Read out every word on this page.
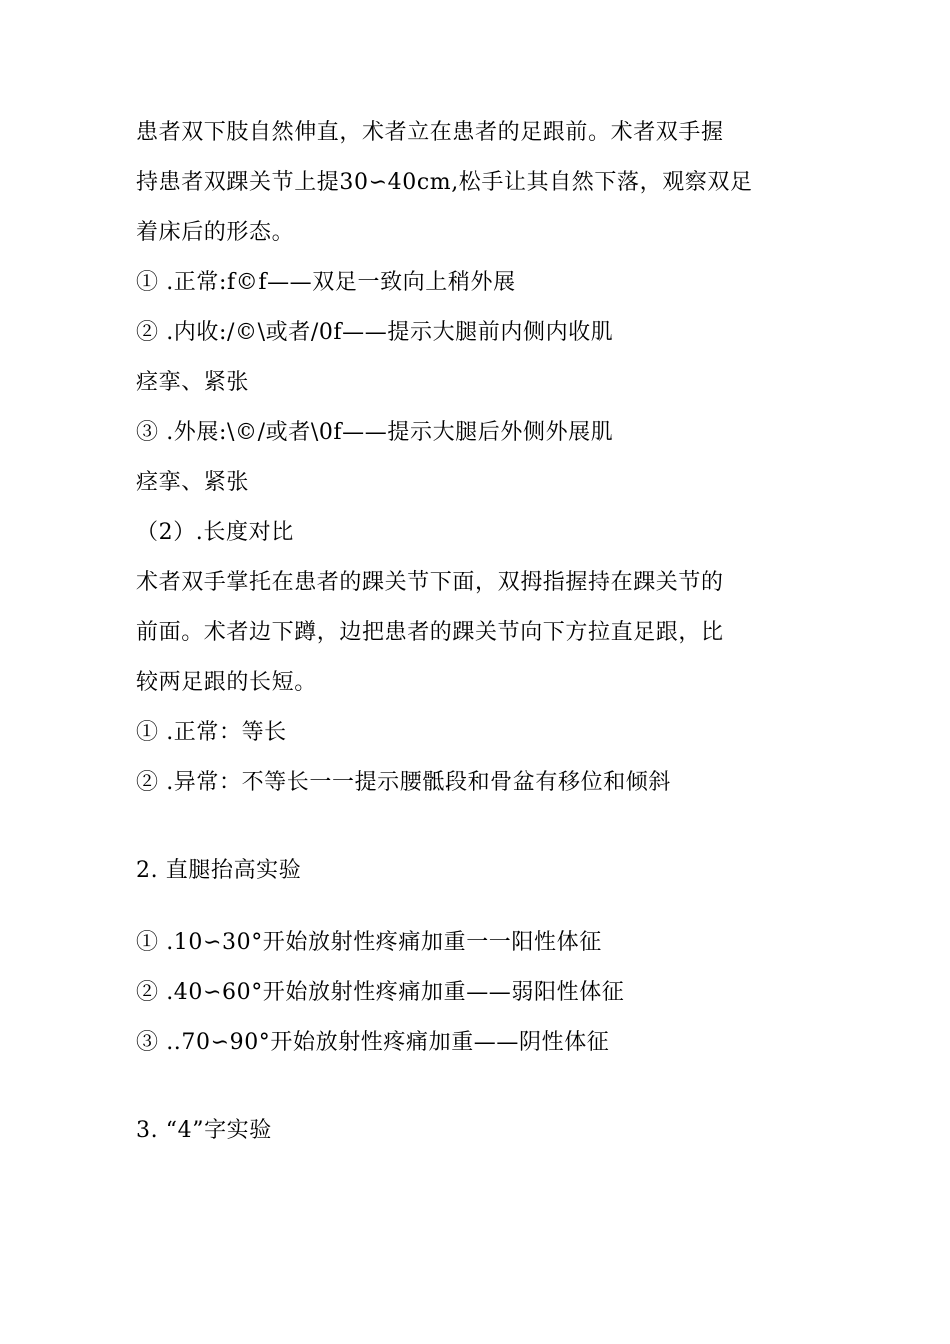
患者双下肢自然伸直，术者立在患者的足跟前。术者双手握
持患者双踝关节上提30∽40cm,松手让其自然下落，观察双足
着床后的形态。
① .正常:f©f——双足一致向上稍外展
② .内收:/©\或者/0f——提示大腿前内侧内收肌
痉挛、紧张
③ .外展:\©/或者\0f——提示大腿后外侧外展肌
痉挛、紧张
（2）.长度对比
术者双手掌托在患者的踝关节下面，双拇指握持在踝关节的
前面。术者边下蹲，边把患者的踝关节向下方拉直足跟，比
较两足跟的长短。
① .正常：等长
② .异常：不等长一一提示腰骶段和骨盆有移位和倾斜
2. 直腿抬高实验
① .10∽30°开始放射性疼痛加重一一阳性体征
② .40∽60°开始放射性疼痛加重——弱阳性体征
③ ..70∽90°开始放射性疼痛加重——阴性体征
3. “4”字实验
